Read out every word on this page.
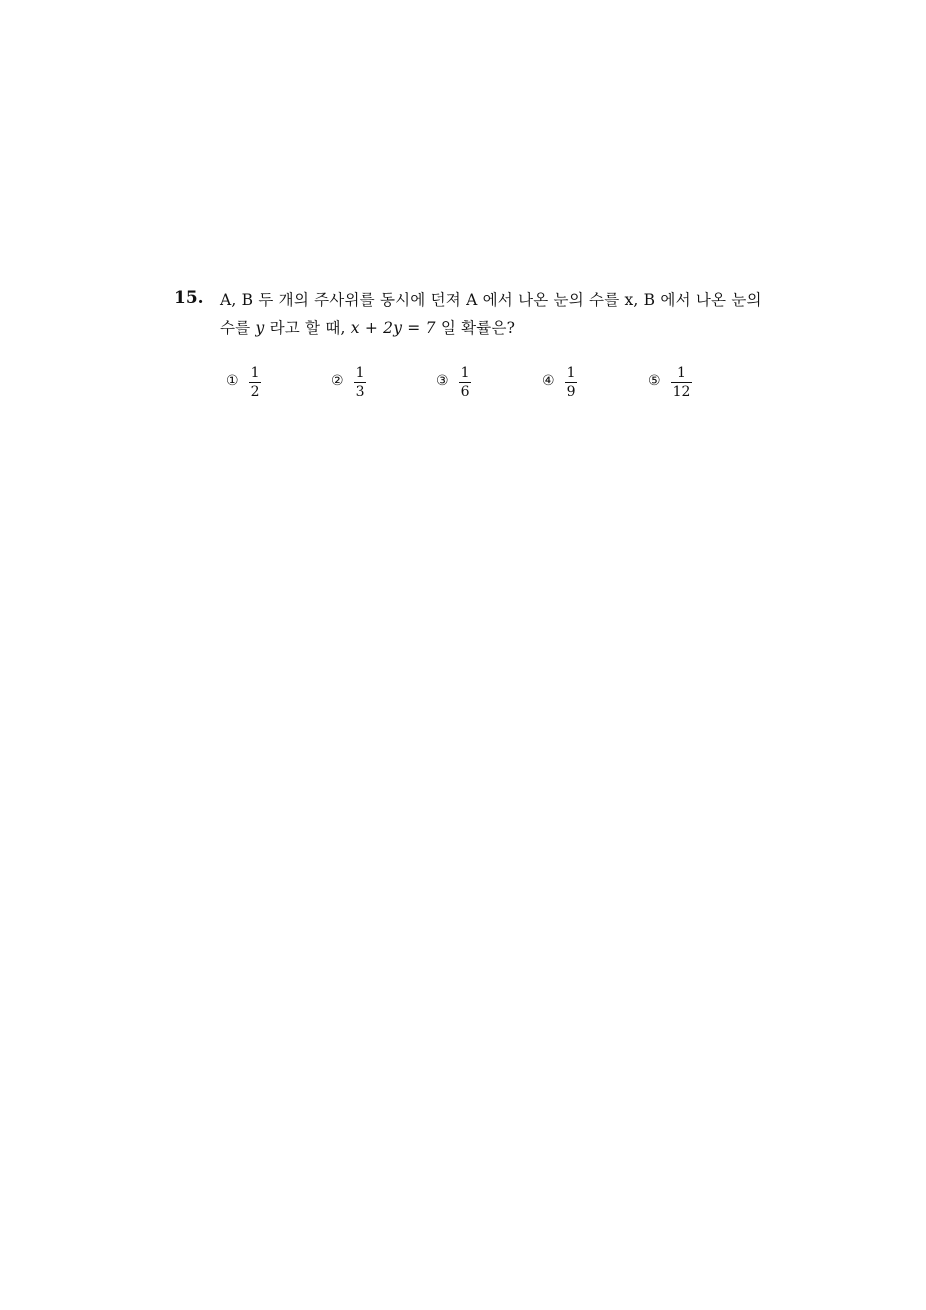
15. A, B 두 개의 주사위를 동시에 던져 A 에서 나온 눈의 수를 x, B 에서 나온 눈의
수를 y 라고 할 때, x + 2y = 7 일 확률은?
① $\frac{1}{2}$	② $\frac{1}{3}$	③ $\frac{1}{6}$	④ $\frac{1}{9}$	⑤ $\frac{1}{12}$
